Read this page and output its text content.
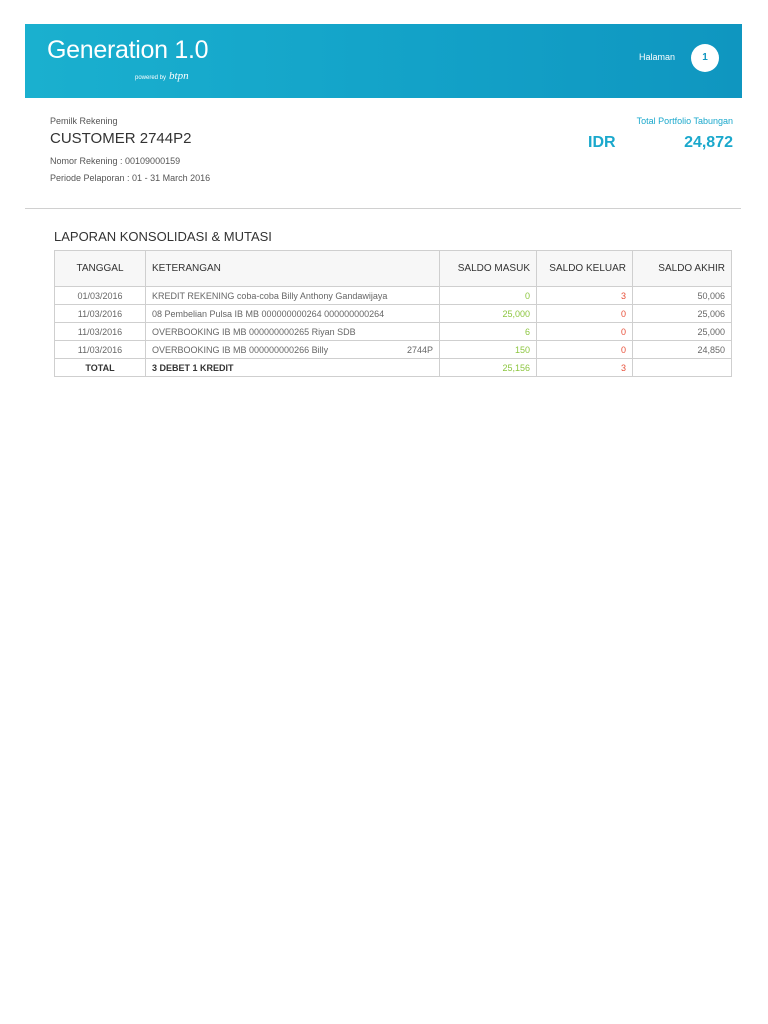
Generation 1.0
powered by btpn
Halaman	1
Pemilk Rekening
CUSTOMER 2744P2
Nomor Rekening : 00109000159
Periode Pelaporan : 01 - 31 March 2016
Total Portfolio Tabungan
IDR	24,872
LAPORAN KONSOLIDASI & MUTASI
TANGGAL	KETERANGAN	SALDO MASUK	SALDO KELUAR	SALDO AKHIR
01/03/2016	KREDIT REKENING coba-coba Billy Anthony Gandawijaya	0	3	50,006
11/03/2016	08 Pembelian Pulsa IB MB 000000000264 000000000264	25,000	0	25,006
11/03/2016	OVERBOOKING IB MB 000000000265 Riyan SDB	6	0	25,000
11/03/2016	OVERBOOKING IB MB 000000000266 Billy 2744P	150	0	24,850
TOTAL	3 DEBET 1 KREDIT	25,156	3	
